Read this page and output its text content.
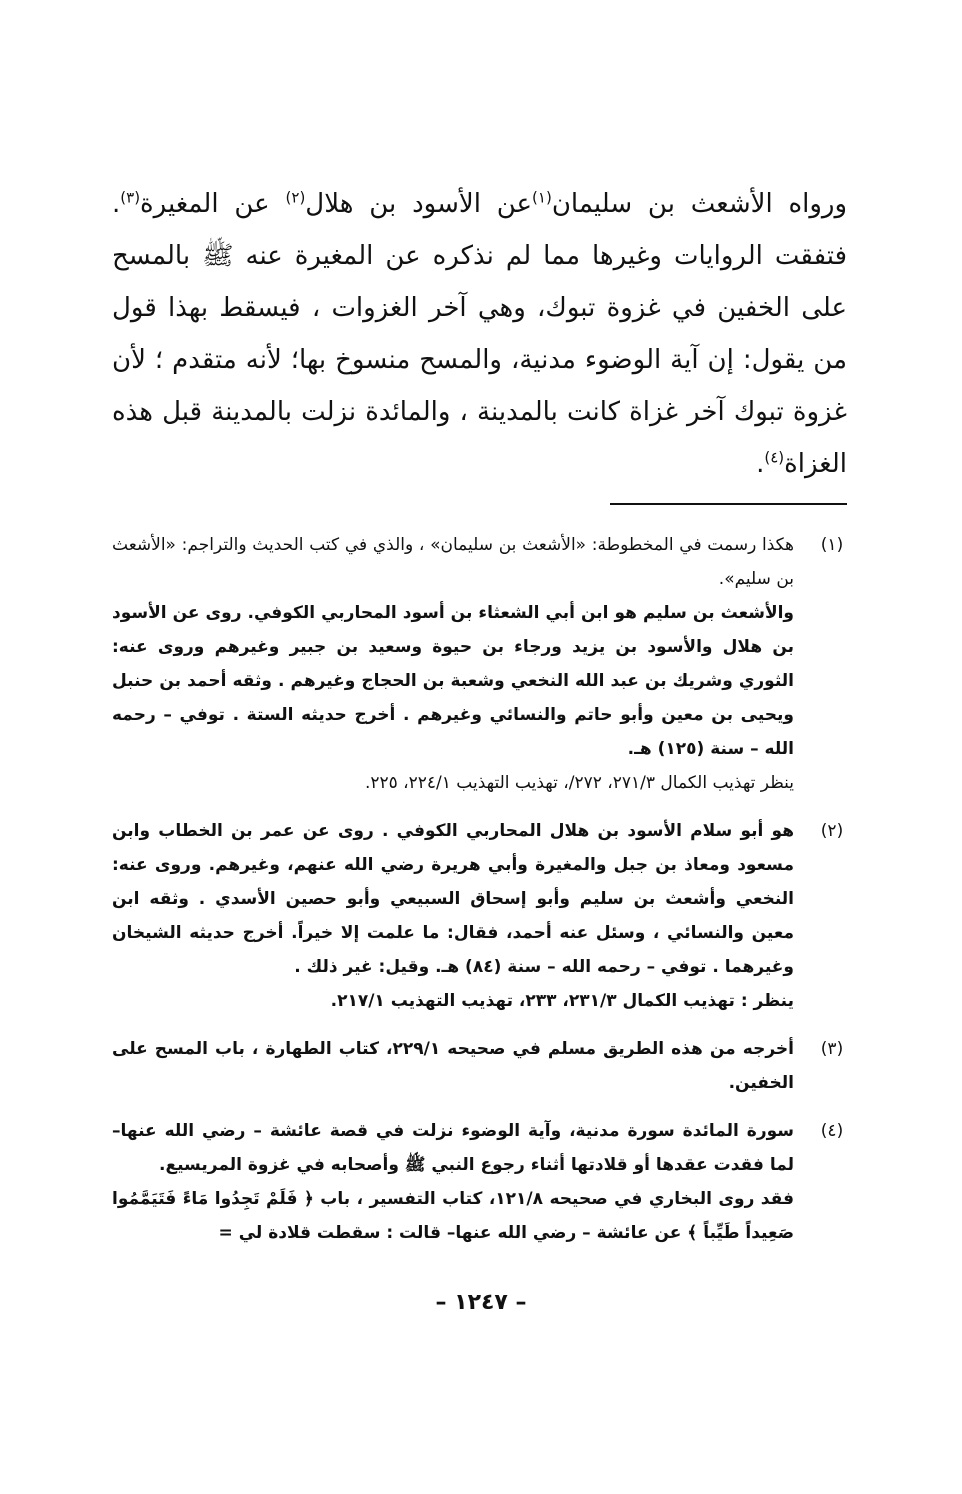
ورواه الأشعث بن سليمان$^{(١)}$عن الأسود بن هلال$^{(٢)}$ عن المغيرة$^{(٣)}$. فتفقت الروايات وغيرها مما لم نذكره عن المغيرة عنه ﷺ بالمسح على الخفين في غزوة تبوك، وهي آخر الغزوات ، فيسقط بهذا قول من يقول: إن آية الوضوء مدنية، والمسح منسوخ بها؛ لأنه متقدم ؛ لأن غزوة تبوك آخر غزاة كانت بالمدينة ، والمائدة نزلت بالمدينة قبل هذه الغزاة$^{(٤)}$.

(١)
هكذا رسمت في المخطوطة: «الأشعث بن سليمان» ، والذي في كتب الحديث والتراجم: «الأشعث بن سليم».
والأشعث بن سليم هو ابن أبي الشعثاء بن أسود المحاربي الكوفي. روى عن الأسود بن هلال والأسود بن يزيد ورجاء بن حيوة وسعيد بن جبير وغيرهم وروى عنه: الثوري وشريك بن عبد الله النخعي وشعبة بن الحجاج وغيرهم . وثقه أحمد بن حنبل ويحيى بن معين وأبو حاتم والنسائي وغيرهم . أخرج حديثه الستة . توفي – رحمه الله – سنة (١٢٥) هـ.
ينظر تهذيب الكمال ٢٧١/٣، ٢٧٢/، تهذيب التهذيب ٢٢٤/١، ٢٢٥.
(٢)
هو أبو سلام الأسود بن هلال المحاربي الكوفي . روى عن عمر بن الخطاب وابن مسعود ومعاذ بن جبل والمغيرة وأبي هريرة رضي الله عنهم، وغيرهم. وروى عنه: النخعي وأشعث بن سليم وأبو إسحاق السبيعي وأبو حصين الأسدي . وثقه ابن معين والنسائي ، وسئل عنه أحمد، فقال: ما علمت إلا خيراً. أخرج حديثه الشيخان وغيرهما . توفي – رحمه الله – سنة (٨٤) هـ. وقيل: غير ذلك .
ينظر : تهذيب الكمال ٢٣١/٣، ٢٣٣، تهذيب التهذيب ٢١٧/١.
(٣)
أخرجه من هذه الطريق مسلم في صحيحه ٢٢٩/١، كتاب الطهارة ، باب المسح على الخفين.
(٤)
سورة المائدة سورة مدنية، وآية الوضوء نزلت في قصة عائشة – رضي الله عنها– لما فقدت عقدها أو قلادتها أثناء رجوع النبي ﷺ وأصحابه في غزوة المريسيع.
فقد روى البخاري في صحيحه ١٢١/٨، كتاب التفسير ، باب ﴿ فَلَمْ تَجِدُوا مَاءً فَتَيَمَّمُوا صَعِيداً طَيِّباً ﴾ عن عائشة – رضي الله عنها– قالت : سقطت قلادة لي =
– ١٢٤٧ –
